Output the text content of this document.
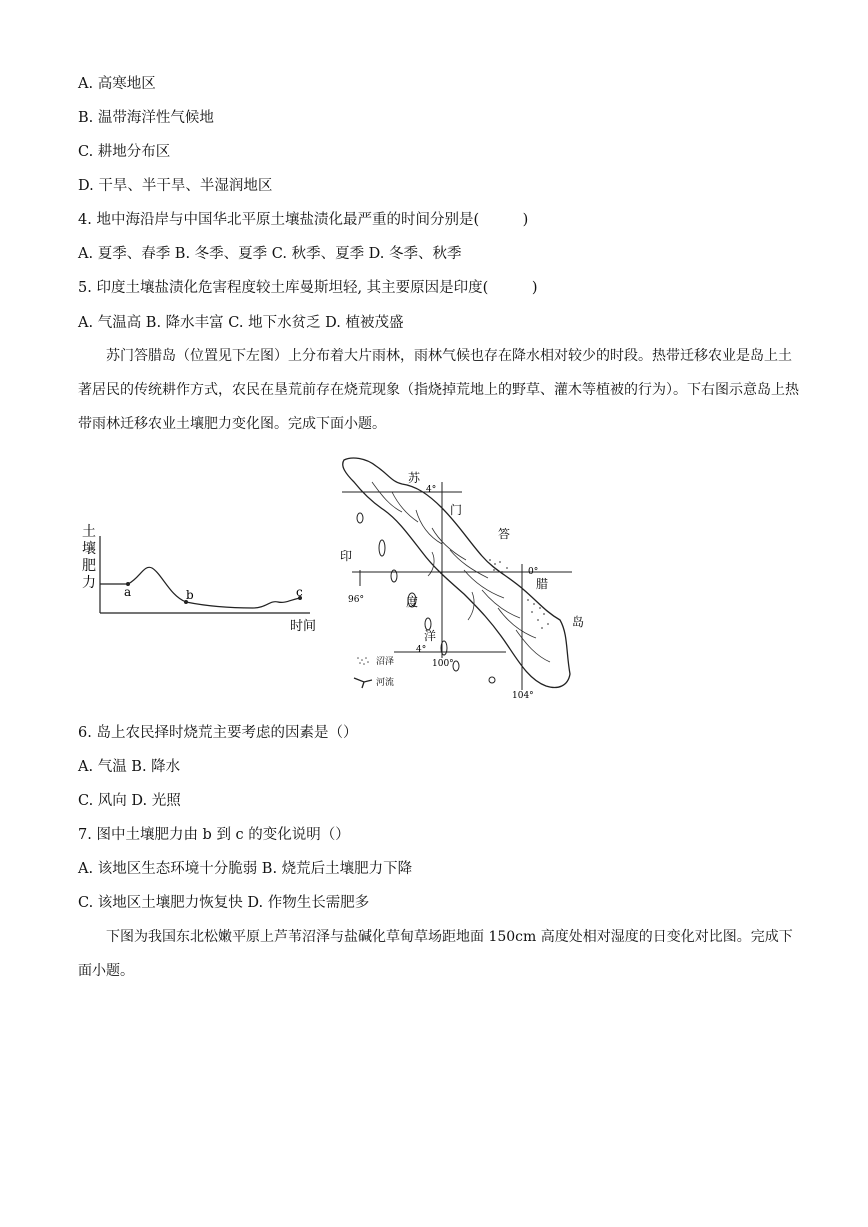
A. 高寒地区
B. 温带海洋性气候地
C. 耕地分布区
D. 干旱、半干旱、半湿润地区
4. 地中海沿岸与中国华北平原土壤盐渍化最严重的时间分别是(　　　)
A. 夏季、春季 B. 冬季、夏季 C. 秋季、夏季 D. 冬季、秋季
5. 印度土壤盐渍化危害程度较土库曼斯坦轻, 其主要原因是印度(　　　)
A. 气温高 B. 降水丰富 C. 地下水贫乏 D. 植被茂盛
苏门答腊岛（位置见下左图）上分布着大片雨林，雨林气候也存在降水相对较少的时段。热带迁移农业是岛上土著居民的传统耕作方式，农民在垦荒前存在烧荒现象（指烧掉荒地上的野草、灌木等植被的行为）。下右图示意岛上热带雨林迁移农业土壤肥力变化图。完成下面小题。
土
壤
肥
力
a	b	c
时间
苏
4°
门
答
0°
腊
岛
印
96°	度
洋
4°
100°
104°
沼泽
河流
6. 岛上农民择时烧荒主要考虑的因素是（）
A. 气温 B. 降水
C. 风向 D. 光照
7. 图中土壤肥力由 b 到 c 的变化说明（）
A. 该地区生态环境十分脆弱 B. 烧荒后土壤肥力下降
C. 该地区土壤肥力恢复快 D. 作物生长需肥多
下图为我国东北松嫩平原上芦苇沼泽与盐碱化草甸草场距地面 150cm 高度处相对湿度的日变化对比图。完成下面小题。
